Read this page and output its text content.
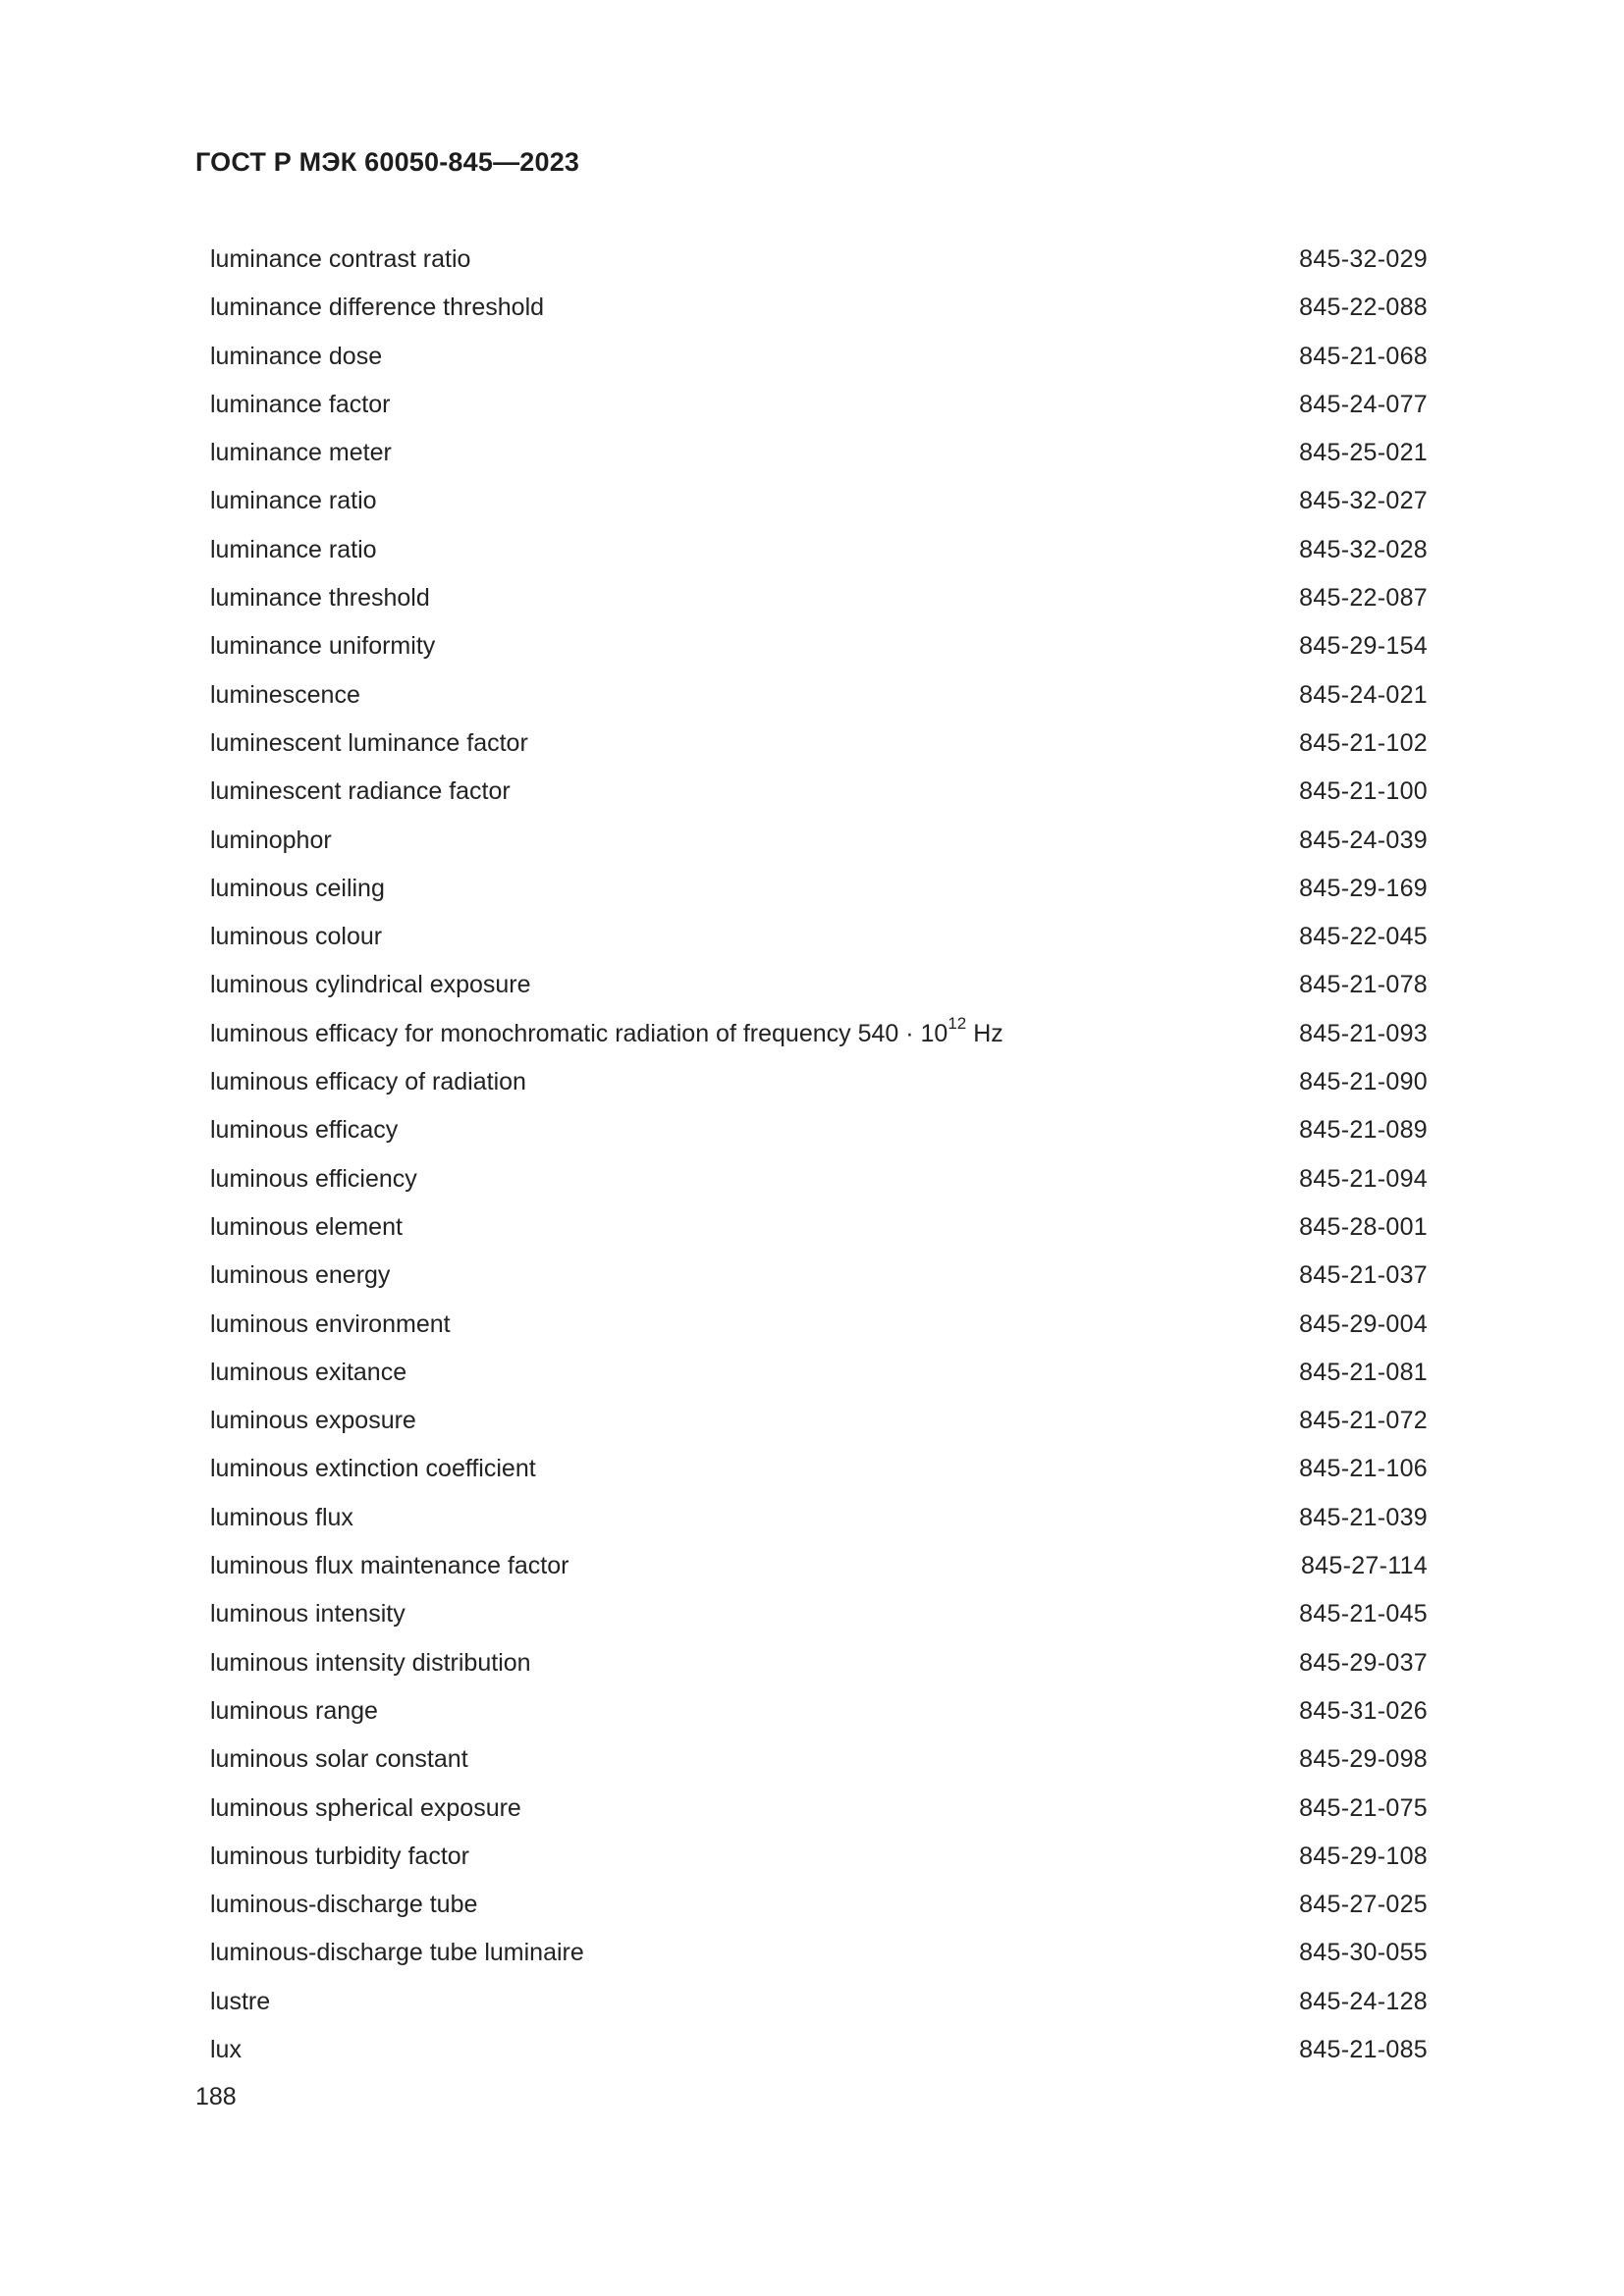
ГОСТ Р МЭК 60050-845—2023
luminance contrast ratio	845-32-029
luminance difference threshold	845-22-088
luminance dose	845-21-068
luminance factor	845-24-077
luminance meter	845-25-021
luminance ratio	845-32-027
luminance ratio	845-32-028
luminance threshold	845-22-087
luminance uniformity	845-29-154
luminescence	845-24-021
luminescent luminance factor	845-21-102
luminescent radiance factor	845-21-100
luminophor	845-24-039
luminous ceiling	845-29-169
luminous colour	845-22-045
luminous cylindrical exposure	845-21-078
luminous efficacy for monochromatic radiation of frequency $540 \cdot 10^{12}$ Hz	845-21-093
luminous efficacy of radiation	845-21-090
luminous efficacy	845-21-089
luminous efficiency	845-21-094
luminous element	845-28-001
luminous energy	845-21-037
luminous environment	845-29-004
luminous exitance	845-21-081
luminous exposure	845-21-072
luminous extinction coefficient	845-21-106
luminous flux	845-21-039
luminous flux maintenance factor	845-27-114
luminous intensity	845-21-045
luminous intensity distribution	845-29-037
luminous range	845-31-026
luminous solar constant	845-29-098
luminous spherical exposure	845-21-075
luminous turbidity factor	845-29-108
luminous-discharge tube	845-27-025
luminous-discharge tube luminaire	845-30-055
lustre	845-24-128
lux	845-21-085
188
